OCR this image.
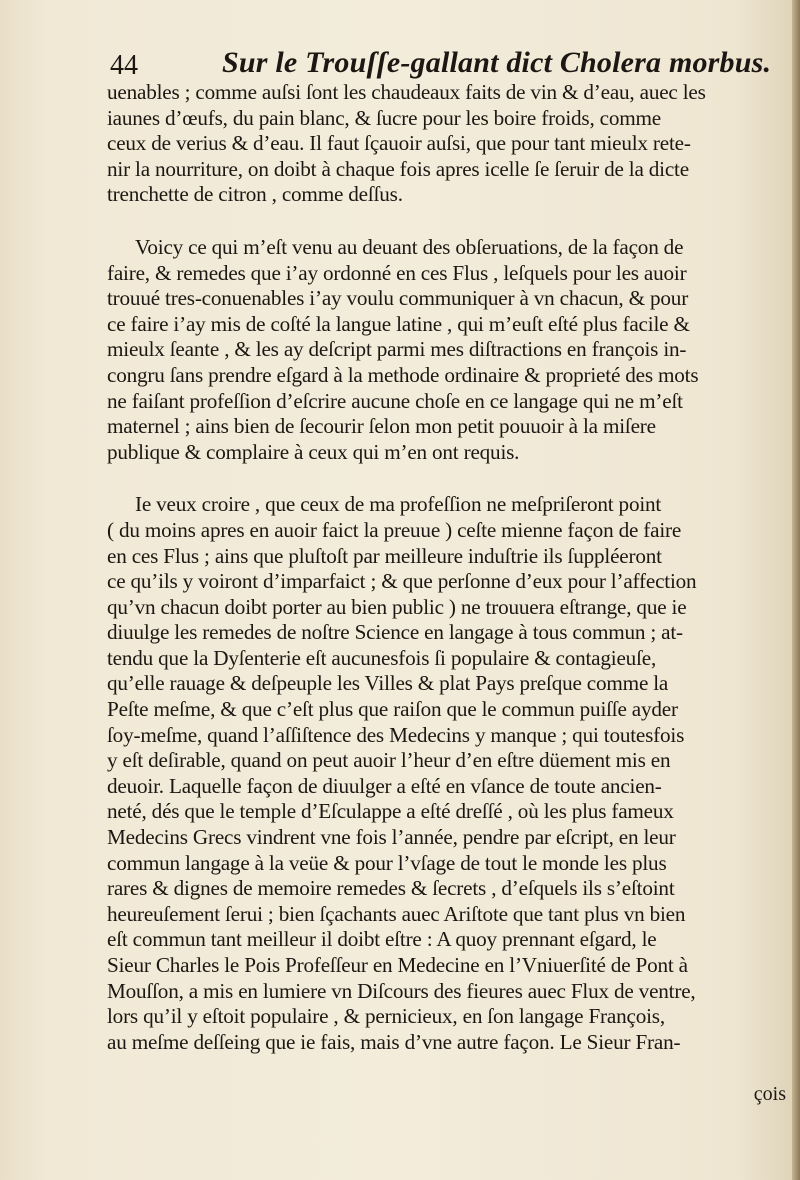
44	Sur le Trouſſe-gallant dict Cholera morbus.
uenables ; comme auſsi ſont les chaudeaux faits de vin & d’eau, auec les
iaunes d’œufs, du pain blanc, & ſucre pour les boire froids, comme
ceux de verius & d’eau. Il faut ſçauoir auſsi, que pour tant mieulx rete-
nir la nourriture, on doibt à chaque fois apres icelle ſe ſeruir de la dicte
trenchette de citron , comme deſſus.
Voicy ce qui m’eſt venu au deuant des obſeruations, de la façon de
faire, & remedes que i’ay ordonné en ces Flus , leſquels pour les auoir
trouué tres-conuenables i’ay voulu communiquer à vn chacun, & pour
ce faire i’ay mis de coſté la langue latine , qui m’euſt eſté plus facile &
mieulx ſeante , & les ay deſcript parmi mes diſtractions en françois in-
congru ſans prendre eſgard à la methode ordinaire & proprieté des mots
ne faiſant profeſſion d’eſcrire aucune choſe en ce langage qui ne m’eſt
maternel ; ains bien de ſecourir ſelon mon petit pouuoir à la miſere
publique & complaire à ceux qui m’en ont requis.
Ie veux croire , que ceux de ma profeſſion ne meſpriſeront point
( du moins apres en auoir faict la preuue ) ceſte mienne façon de faire
en ces Flus ; ains que pluſtoſt par meilleure induſtrie ils ſuppléeront
ce qu’ils y voiront d’imparfaict ; & que perſonne d’eux pour l’affection
qu’vn chacun doibt porter au bien public ) ne trouuera eſtrange, que ie
diuulge les remedes de noſtre Science en langage à tous commun ; at-
tendu que la Dyſenterie eſt aucunesfois ſi populaire & contagieuſe,
qu’elle rauage & deſpeuple les Villes & plat Pays preſque comme la
Peſte meſme, & que c’eſt plus que raiſon que le commun puiſſe ayder
ſoy-meſme, quand l’aſſiſtence des Medecins y manque ; qui toutesfois
y eſt deſirable, quand on peut auoir l’heur d’en eſtre düement mis en
deuoir. Laquelle façon de diuulger a eſté en vſance de toute ancien-
neté, dés que le temple d’Eſculappe a eſté dreſſé , où les plus fameux
Medecins Grecs vindrent vne fois l’année, pendre par eſcript, en leur
commun langage à la veüe & pour l’vſage de tout le monde les plus
rares & dignes de memoire remedes & ſecrets , d’eſquels ils s’eſtoint
heureuſement ſerui ; bien ſçachants auec Ariſtote que tant plus vn bien
eſt commun tant meilleur il doibt eſtre : A quoy prennant eſgard, le
Sieur Charles le Pois Profeſſeur en Medecine en l’Vniuerſité de Pont à
Mouſſon, a mis en lumiere vn Diſcours des fieures auec Flux de ventre,
lors qu’il y eſtoit populaire , & pernicieux, en ſon langage François,
au meſme deſſeing que ie fais, mais d’vne autre façon. Le Sieur Fran-
çois
